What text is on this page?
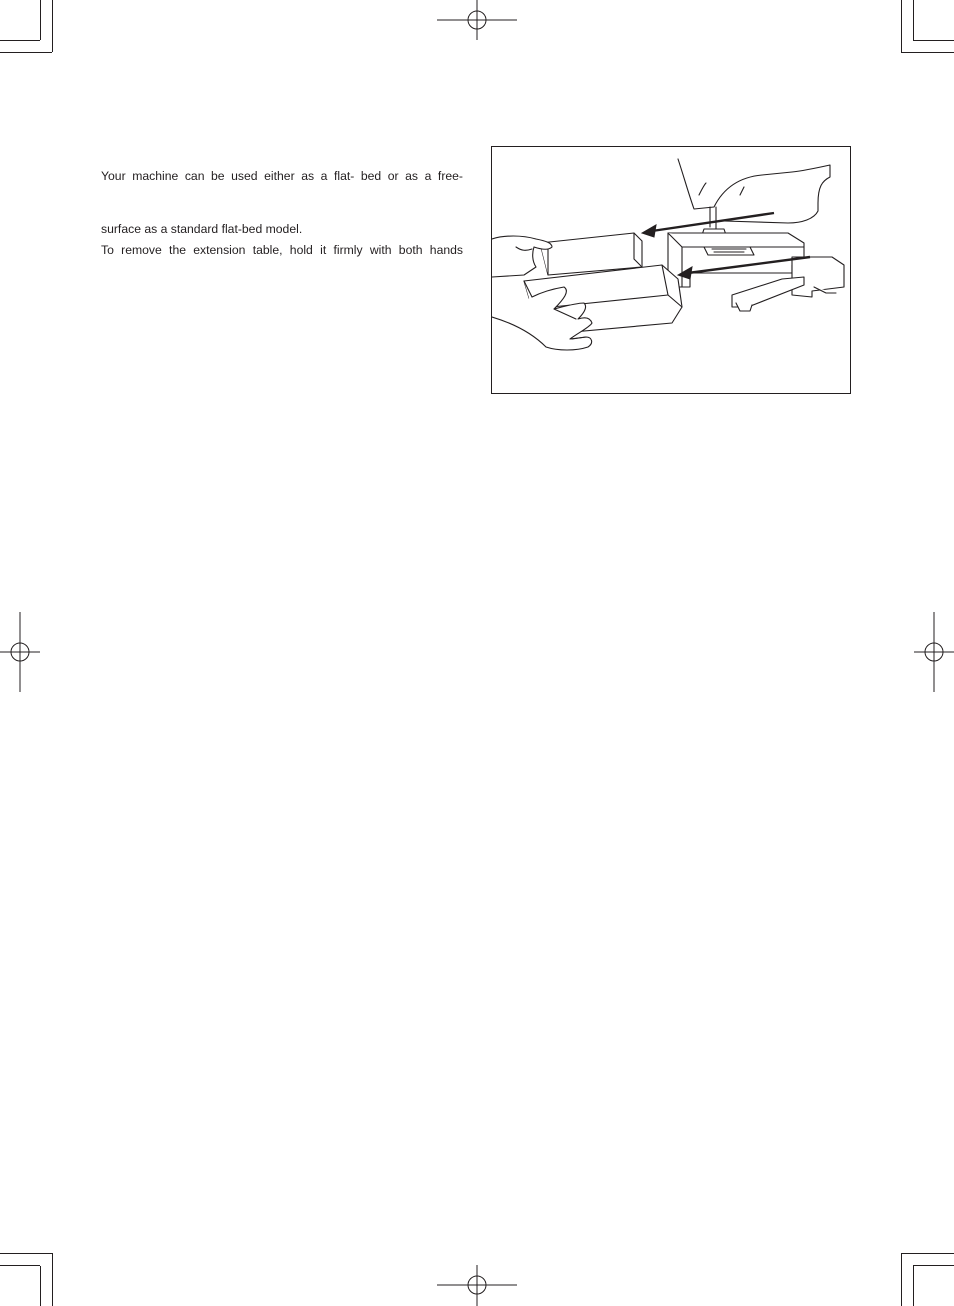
Your machine can be used either as a flat- bed or as a free-

surface as a standard flat-bed model.

To remove the extension table, hold it firmly with both hands
